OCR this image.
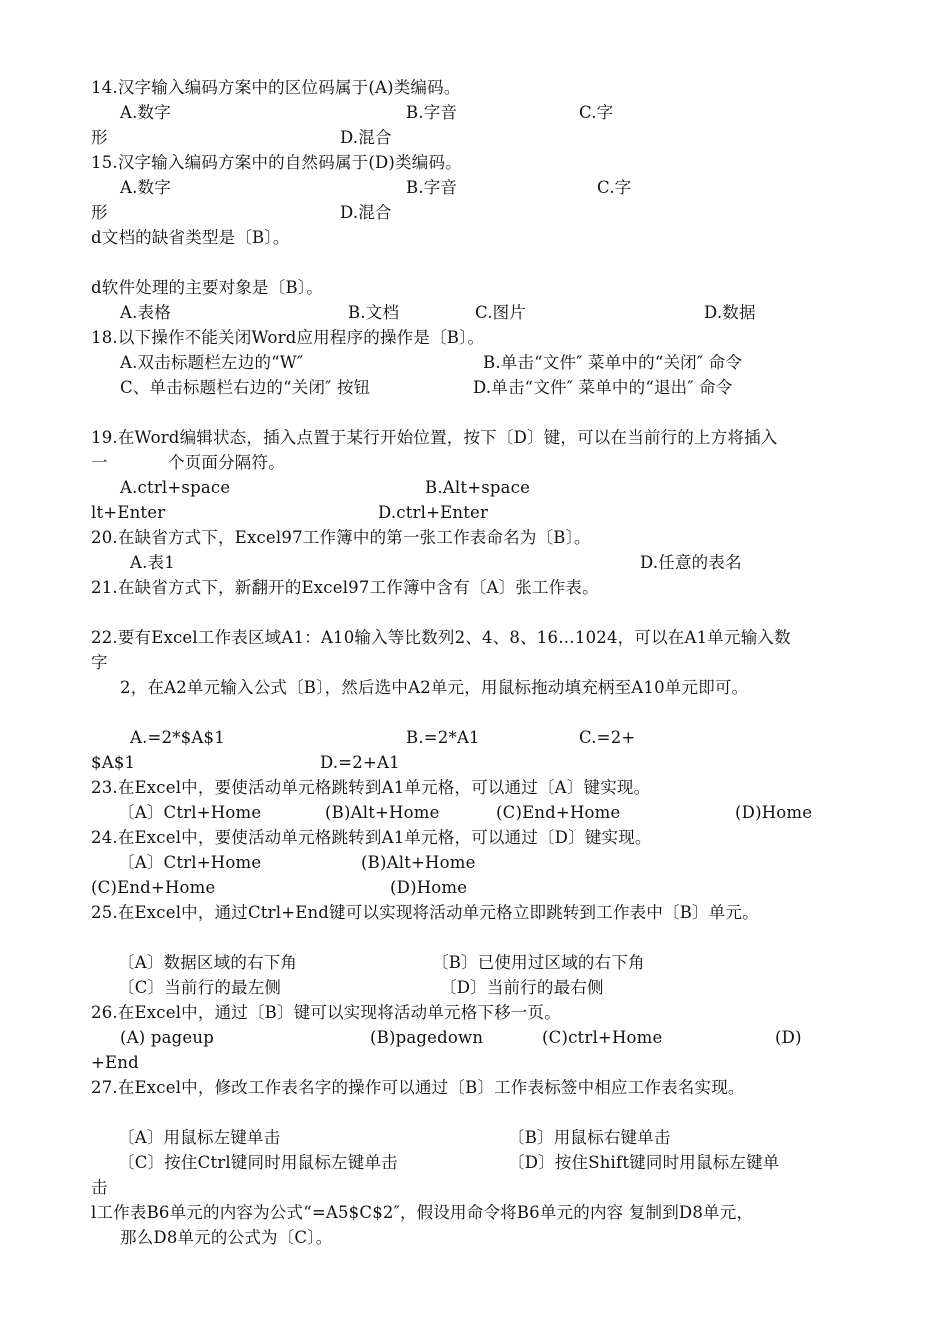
14.汉字输入编码方案中的区位码属于(A)类编码。
A.数字	B.字音	C.字
形	D.混合
15.汉字输入编码方案中的自然码属于(D)类编码。
A.数字	B.字音	C.字
形	D.混合
d文档的缺省类型是〔B〕。
d软件处理的主要对象是〔B〕。
A.表格	B.文档	C.图片	D.数据
18.以下操作不能关闭Word应用程序的操作是〔B〕。
A.双击标题栏左边的“W″	B.单击“文件″ 菜单中的“关闭″ 命令
C、单击标题栏右边的“关闭″ 按钮	D.单击“文件″ 菜单中的“退出″ 命令
19.在Word编辑状态，插入点置于某行开始位置，按下〔D〕键，可以在当前行的上方将插入
一	个页面分隔符。
A.ctrl+space	B.Alt+space
lt+Enter	D.ctrl+Enter
20.在缺省方式下，Excel97工作簿中的第一张工作表命名为〔B〕。
A.表1	D.任意的表名
21.在缺省方式下，新翻开的Excel97工作簿中含有〔A〕张工作表。
22.要有Excel工作表区域A1：A10输入等比数列2、4、8、16…1024，可以在A1单元输入数
字
2，在A2单元输入公式〔B〕，然后选中A2单元，用鼠标拖动填充柄至A10单元即可。
A.=2*$A$1	B.=2*A1	C.=2+
$A$1	D.=2+A1
23.在Excel中，要使活动单元格跳转到A1单元格，可以通过〔A〕键实现。
〔A〕Ctrl+Home	(B)Alt+Home	(C)End+Home	(D)Home
24.在Excel中，要使活动单元格跳转到A1单元格，可以通过〔D〕键实现。
〔A〕Ctrl+Home	(B)Alt+Home
(C)End+Home	(D)Home
25.在Excel中，通过Ctrl+End键可以实现将活动单元格立即跳转到工作表中〔B〕单元。
〔A〕数据区域的右下角	〔B〕已使用过区域的右下角
〔C〕当前行的最左侧	〔D〕当前行的最右侧
26.在Excel中，通过〔B〕键可以实现将活动单元格下移一页。
(A) pageup	(B)pagedown	(C)ctrl+Home	(D)
+End
27.在Excel中，修改工作表名字的操作可以通过〔B〕工作表标签中相应工作表名实现。
〔A〕用鼠标左键单击	〔B〕用鼠标右键单击
〔C〕按住Ctrl键同时用鼠标左键单击	〔D〕按住Shift键同时用鼠标左键单
击
l工作表B6单元的内容为公式“=A5$C$2″，假设用命令将B6单元的内容 复制到D8单元，
那么D8单元的公式为〔C〕。
